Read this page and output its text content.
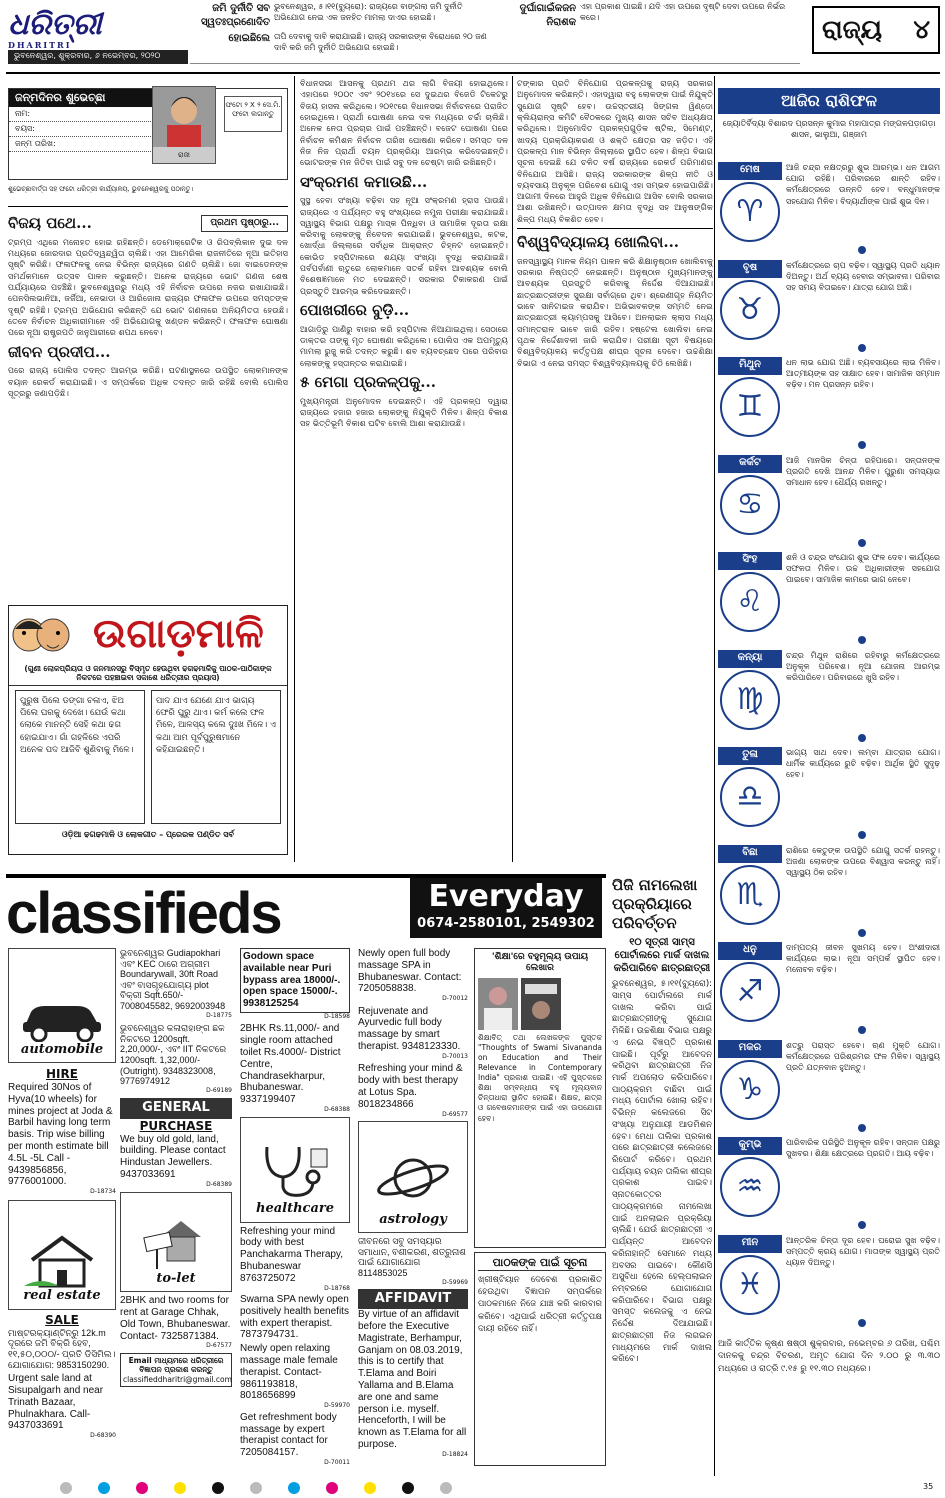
ଧରିତ୍ରୀ
DHARITRI
ଭୁବନେଶ୍ୱର, ଶୁକ୍ରବାର, ୬ ନଭେମ୍ବର, ୨୦୨୦
ଜମି ଦୁର୍ନୀତି ସବ ସ୍ୱତଃପ୍ରଣୋଦିତ
ଭୁବନେଶ୍ୱର, ୫।୧୧(ବ୍ୟୁରୋ): ରାଜ୍ୟରେ ବାଙ୍ଗଲା ଜମି ଦୁର୍ନୀତି ଅଭିଯୋଗ ନେଇ ଏକ ଜନହିତ ମାମଲା ଦାଏର ହୋଇଛି।
ହୋଇଛିଲେ ତାପି ଦେବାକୁ ଦାବି କରାଯାଇଛି। ରାଜ୍ୟ ସରକାରଙ୍କ ବିରୋଧରେ ୨୦ ଜଣ ଦାବି କରି ଜମି ଦୁର୍ନୀତି ଅଭିଯୋଗ ହୋଇଛି।
ଦୁର୍ଘାଗାଇଁକଜନ ନିରାଶକ
ଏହା ପ୍ରକାଶ ପାଇଛି। ଯଦି ଏହା ଉପରେ ଦୃଷ୍ଟି ଦେବା ଉପରେ ନିର୍ଭର କରେ।	ରାଜ୍ୟ ୪
ଜନ୍ମଦିନର ଶୁଭେଚ୍ଛା
ନାମ:
ବୟସ:
ଜନ୍ମ ତାରିଖ:
ରାଜୀ
ଫଟୋ ୨ X ୨ ସେ.ମି. ଫଟୋ ଲଗାନ୍ତୁ
ଶୁଭେଚ୍ଛାବାର୍ତ୍ତା ସହ ଫଟୋ ଧରିତ୍ରୀ କାର୍ଯ୍ୟାଳୟ, ଭୁବନେଶ୍ୱରକୁ ପଠାନ୍ତୁ।
ବିଜୟ ପଥେ...	ପ୍ରଥମ ପୃଷ୍ଠାରୁ...
ଟ୍ରମ୍ପ ଏଥିରେ ମନୋହତ ହୋଇ ରହିଛନ୍ତି। ଡେମୋକ୍ରେଟିକ ଓ ରିପବ୍ଲିକାନ ଦୁଇ ଦଳ ମଧ୍ୟରେ ଜୋରଦାର ପ୍ରତିଦ୍ୱନ୍ଦ୍ୱିତା ଚାଲିଛି। ଏହା ଆମେରିକା ରାଜନୀତିରେ ନୂଆ ଇତିହାସ ସୃଷ୍ଟି କରିଛି। ଫଳାଫଳକୁ ନେଇ ବିଭିନ୍ନ ରାଜ୍ୟରେ ଗଣତି ଚାଲିଛି। ଜୋ ବାଇଡେନଙ୍କ ସମର୍ଥକମାନେ ଉତ୍ସବ ପାଳନ କରୁଛନ୍ତି। ଅନେକ ରାଜ୍ୟରେ ଭୋଟ ଗଣନା ଶେଷ ପର୍ଯ୍ୟାୟରେ ପହଞ୍ଚିଛି। ଭୁବନେଶ୍ୱରରୁ ମଧ୍ୟ ଏହି ନିର୍ବାଚନ ଉପରେ ନଜର ରଖାଯାଇଛି। ପେନସିଲଭାନିଆ, ଜର୍ଜିଆ, ନେଭାଡା ଓ ଆରିଜୋନା ରାଜ୍ୟର ଫଳାଫଳ ଉପରେ ସମସ୍ତଙ୍କ ଦୃଷ୍ଟି ରହିଛି। ଟ୍ରମ୍ପ ଅଭିଯୋଗ କରିଛନ୍ତି ଯେ ଭୋଟ ଗଣନାରେ ଅନିୟମିତତା ହେଉଛି। ତେବେ ନିର୍ବାଚନ ଅଧିକାରୀମାନେ ଏହି ଅଭିଯୋଗକୁ ଖଣ୍ଡନ କରିଛନ୍ତି। ଫଳାଫଳ ଘୋଷଣା ପରେ ନୂଆ ରାଷ୍ଟ୍ରପତି ଜାନୁଆରୀରେ ଶପଥ ନେବେ।
ଜୀବନ ପ୍ରଦୀପ...
ପରେ ରାଜ୍ୟ ପୋଲିସ ତଦନ୍ତ ଆରମ୍ଭ କରିଛି। ଘଟଣାସ୍ଥଳରେ ଉପସ୍ଥିତ ଲୋକମାନଙ୍କ ବୟାନ ରେକର୍ଡ କରାଯାଇଛି। ଏ ସମ୍ପର୍କରେ ଅଧିକ ତଦନ୍ତ ଜାରି ରହିଛି ବୋଲି ପୋଲିସ ସୂତ୍ରରୁ ଜଣାପଡ଼ିଛି।
ଉଗାଡ଼ମାଳି
(ଗୁଣୀ ଲୋକପ୍ରିୟତା ଓ ଜନମାନସରୁ ବିସ୍ମୃତ ହେଉଥିବା ଢଗଢମାଳିକୁ ପାଠକ-ପାଠିକାଙ୍କ ନିକଟରେ ପହଞ୍ଚାଇବା ସକାଶେ ଧରିତ୍ରୀର ପ୍ରୟାସ)
ପୁରୁଷ ପିଲେ ଡଙ୍ଗା ଚଳାଏ, ଝିଅ ପିଲେ ଘରକୁ ଦେଖେ। ଯେଉଁ କଥା ଲୋକେ ମାନନ୍ତି ସେହି କଥା ଢଗ ହୋଇଯାଏ। ଗାଁ ଗହଳିରେ ଏପରି ଅନେକ ପଦ ଆଜିବି ଶୁଣିବାକୁ ମିଳେ।
ପାଦ ଯାଏ ଯେଣେ ଯାଏ ଭାଗ୍ୟ ଫେରି ଘୁରୁ ଥାଏ। କର୍ମ କଲେ ଫଳ ମିଳେ, ଆଳସ୍ୟ କଲେ ଦୁଃଖ ମିଳେ। ଏ କଥା ଆମ ପୂର୍ବପୁରୁଷମାନେ କହିଯାଇଛନ୍ତି।
ଓଡ଼ିଆ ଢଗଢମାଳି ଓ ଲୋକଗୀତ – ପ୍ରେରକ ପଣ୍ଡିତ ସର୍ବ
ବିଧାନସଭା ଆସନକୁ ପ୍ରଥମ ଥର ଲାଗି ବିଜୟୀ ହୋଇଥିଲେ। ଏହାପରେ ୨୦୦୯ ଏବଂ ୨୦୧୪ରେ ସେ ଦୁଇଥର ବିଜେଡି ଟିକେଟରୁ ବିଜୟ ହାସଲ କରିଥିଲେ। ୨୦୧୯ରେ ବିଧାନସଭା ନିର୍ବାଚନରେ ପରାଜିତ ହୋଇଥିଲେ। ପ୍ରାର୍ଥୀ ଘୋଷଣା ନେଇ ଦଳ ମଧ୍ୟରେ ଚର୍ଚ୍ଚା ଚାଲିଛି। ଅନେକ ନେତା ପ୍ରଚାର ପାଇଁ ପହଞ୍ଚିଛନ୍ତି। ବଜେଟ ଘୋଷଣା ପରେ ନିର୍ବାଚନ କମିଶନ ନିର୍ବାଚନ ତାରିଖ ଘୋଷଣା କରିବେ। ସମସ୍ତ ଦଳ ନିଜ ନିଜ ପ୍ରାର୍ଥୀ ଚୟନ ପ୍ରକ୍ରିୟା ଆରମ୍ଭ କରିଦେଇଛନ୍ତି। ଭୋଟରଙ୍କ ମନ ଜିତିବା ପାଇଁ ସବୁ ଦଳ ଚେଷ୍ଟା ଜାରି ରଖିଛନ୍ତି।
ସଂକ୍ରମଣ କମାଉଛି...
ସୁସ୍ଥ ହେବା ସଂଖ୍ୟା ବଢ଼ିବା ସହ ନୂଆ ସଂକ୍ରମଣ ହ୍ରାସ ପାଉଛି। ରାଜ୍ୟରେ ଏ ପର୍ଯ୍ୟନ୍ତ ବହୁ ସଂଖ୍ୟାରେ ନମୁନା ପରୀକ୍ଷା କରାଯାଇଛି। ସ୍ୱାସ୍ଥ୍ୟ ବିଭାଗ ପକ୍ଷରୁ ମାସ୍କ ପିନ୍ଧିବା ଓ ସାମାଜିକ ଦୂରତା ରକ୍ଷା କରିବାକୁ ଲୋକଙ୍କୁ ନିବେଦନ କରାଯାଇଛି। ଭୁବନେଶ୍ୱର, କଟକ, ଖୋର୍ଦ୍ଧା ଜିଲ୍ଲାରେ ସର୍ବାଧିକ ଆକ୍ରାନ୍ତ ଚିହ୍ନଟ ହୋଇଛନ୍ତି। କୋଭିଡ ହସ୍ପିଟାଲରେ ଶଯ୍ୟା ସଂଖ୍ୟା ବୃଦ୍ଧି କରାଯାଇଛି। ପର୍ବପର୍ବାଣୀ ଋତୁରେ ଲୋକମାନେ ସତର୍କ ରହିବା ଆବଶ୍ୟକ ବୋଲି ବିଶେଷଜ୍ଞମାନେ ମତ ଦେଇଛନ୍ତି। ସରକାର ଟିକାକରଣ ପାଇଁ ପ୍ରସ୍ତୁତି ଆରମ୍ଭ କରିଦେଇଛନ୍ତି।
ପୋଖରୀରେ ବୁଡ଼ି...
ଆଗାଡ଼ିରୁ ପାଣିରୁ ବାହାର କରି ହସ୍ପିଟାଲ ନିଆଯାଇଥିଲା। ସେଠାରେ ଡାକ୍ତର ତାଙ୍କୁ ମୃତ ଘୋଷଣା କରିଥିଲେ। ପୋଲିସ ଏକ ଅପମୃତ୍ୟୁ ମାମଲା ରୁଜୁ କରି ତଦନ୍ତ କରୁଛି। ଶବ ବ୍ୟବଚ୍ଛେଦ ପରେ ପରିବାର ଲୋକଙ୍କୁ ହସ୍ତାନ୍ତର କରାଯାଇଛି।
୫ ମେଗା ପ୍ରକଳ୍ପକୁ...
ମୁଖ୍ୟମନ୍ତ୍ରୀ ଅନୁମୋଦନ ଦେଇଛନ୍ତି। ଏହି ପ୍ରକଳ୍ପ ଦ୍ୱାରା ରାଜ୍ୟରେ ହଜାର ହଜାର ଲୋକଙ୍କୁ ନିଯୁକ୍ତି ମିଳିବ। ଶିଳ୍ପ ବିକାଶ ସହ ଭିତ୍ତିଭୂମି ବିକାଶ ଘଟିବ ବୋଲି ଆଶା କରାଯାଉଛି।
ଟଙ୍କାର ପ୍ରତି ବିନିଯୋଗ ପ୍ରକଳ୍ପକୁ ରାଜ୍ୟ ସରକାର ଅନୁମୋଦନ କରିଛନ୍ତି। ଏହାଦ୍ୱାରା ବହୁ ଲୋକଙ୍କ ପାଇଁ ନିଯୁକ୍ତି ସୁଯୋଗ ସୃଷ୍ଟି ହେବ। ଉଚ୍ଚସ୍ତରୀୟ ସିଙ୍ଗଲ ୱିଣ୍ଡୋ କ୍ଲିୟରାନ୍ସ କମିଟି ବୈଠକରେ ମୁଖ୍ୟ ଶାସନ ସଚିବ ଅଧ୍ୟକ୍ଷତା କରିଥିଲେ। ଅନୁମୋଦିତ ପ୍ରକଳ୍ପଗୁଡ଼ିକ ଷ୍ଟିଲ, ସିମେଣ୍ଟ, ଖାଦ୍ୟ ପ୍ରକ୍ରିୟାକରଣ ଓ ଶକ୍ତି କ୍ଷେତ୍ର ସହ ଜଡ଼ିତ। ଏହି ପ୍ରକଳ୍ପ ମାନ ବିଭିନ୍ନ ଜିଲ୍ଲାରେ ସ୍ଥାପିତ ହେବ। ଶିଳ୍ପ ବିଭାଗ ସୂଚନା ଦେଇଛି ଯେ ଚଳିତ ବର୍ଷ ରାଜ୍ୟରେ ରେକର୍ଡ ପରିମାଣର ବିନିଯୋଗ ଆସିଛି। ରାଜ୍ୟ ସରକାରଙ୍କ ଶିଳ୍ପ ନୀତି ଓ ବ୍ୟବସାୟ ଅନୁକୂଳ ପରିବେଶ ଯୋଗୁ ଏହା ସମ୍ଭବ ହୋଇପାରିଛି। ଆଗାମୀ ଦିନରେ ଆହୁରି ଅଧିକ ବିନିଯୋଗ ଆସିବ ବୋଲି ସରକାର ଆଶା ରଖିଛନ୍ତି। ଉତ୍ପାଦନ କ୍ଷମତା ବୃଦ୍ଧି ସହ ଆନୁଷଙ୍ଗିକ ଶିଳ୍ପ ମଧ୍ୟ ବିକଶିତ ହେବ।
ବିଶ୍ୱବିଦ୍ୟାଳୟ ଖୋଲିବା...
ଜନସ୍ୱାସ୍ଥ୍ୟ ମାନକ ନିୟମ ପାଳନ କରି ଶିକ୍ଷାନୁଷ୍ଠାନ ଖୋଲିବାକୁ ସରକାର ନିଷ୍ପତ୍ତି ନେଇଛନ୍ତି। ଅନୁଷ୍ଠାନ ମୁଖ୍ୟମାନଙ୍କୁ ଆବଶ୍ୟକ ପ୍ରସ୍ତୁତି କରିବାକୁ ନିର୍ଦ୍ଦେଶ ଦିଆଯାଇଛି। ଛାତ୍ରଛାତ୍ରୀଙ୍କ ସୁରକ୍ଷା ସର୍ବାଗ୍ରେ ଥିବ। ଶ୍ରେଣୀଗୃହ ନିୟମିତ ଭାବେ ସାନିଟାଇଜ କରାଯିବ। ଅଭିଭାବକଙ୍କ ସମ୍ମତି ନେଇ ଛାତ୍ରଛାତ୍ରୀ କ୍ୟାମ୍ପସକୁ ଆସିବେ। ଅନଲାଇନ କ୍ଲାସ ମଧ୍ୟ ସମାନ୍ତରାଳ ଭାବେ ଜାରି ରହିବ। ହଷ୍ଟେଲ ଖୋଲିବା ନେଇ ପୃଥକ ନିର୍ଦ୍ଦେଶାବଳୀ ଜାରି କରାଯିବ। ପରୀକ୍ଷା ସୂଚୀ ବିଷୟରେ ବିଶ୍ୱବିଦ୍ୟାଳୟ କର୍ତ୍ତୃପକ୍ଷ ଶୀଘ୍ର ସୂଚନା ଦେବେ। ଉଚ୍ଚଶିକ୍ଷା ବିଭାଗ ଏ ନେଇ ସମସ୍ତ ବିଶ୍ୱବିଦ୍ୟାଳୟକୁ ଚିଠି ଲେଖିଛି।
ଆଜିର ରାଶିଫଳ
ଜ୍ୟୋତିର୍ବିଦ୍ୟା ବିଶାରଦ ପ୍ରସନ୍ନ କୁମାର ମହାପାତ୍ର ମଙ୍ଗଳପଡ଼ାଗଡ଼ା ଶାସନ, ଭାଲୁଆ, ଗଞ୍ଜାମ
ମେଷ
♈
ଆଜି ଚନ୍ଦ୍ର ନକ୍ଷତ୍ରରୁ ଶୁଭ ଆରମ୍ଭ। ଧନ ଆଗମ ଯୋଗ ରହିଛି। ପରିବାରରେ ଶାନ୍ତି ରହିବ। କର୍ମକ୍ଷେତ୍ରରେ ଉନ୍ନତି ହେବ। ବନ୍ଧୁମାନଙ୍କ ସହଯୋଗ ମିଳିବ। ବିଦ୍ୟାର୍ଥୀଙ୍କ ପାଇଁ ଶୁଭ ଦିନ।
ବୃଷ
♉
କର୍ମକ୍ଷେତ୍ରରେ ଚାପ ବଢ଼ିବ। ସ୍ୱାସ୍ଥ୍ୟ ପ୍ରତି ଧ୍ୟାନ ଦିଅନ୍ତୁ। ଅର୍ଥ ବ୍ୟୟ ହେବାର ସମ୍ଭାବନା। ପରିବାର ସହ ସମୟ ବିତାଇବେ। ଯାତ୍ରା ଯୋଗ ଅଛି।
ମିଥୁନ
♊
ଧନ ଲାଭ ଯୋଗ ଅଛି। ବ୍ୟବସାୟରେ ଲାଭ ମିଳିବ। ଆତ୍ମୀୟଙ୍କ ସହ ସାକ୍ଷାତ ହେବ। ସାମାଜିକ ସମ୍ମାନ ବଢ଼ିବ। ମନ ପ୍ରସନ୍ନ ରହିବ।
କର୍କଟ
♋
ଆଜି ମାନସିକ ଚିନ୍ତା ରହିପାରେ। ସନ୍ତାନଙ୍କ ପ୍ରଗତି ଦେଖି ଆନନ୍ଦ ମିଳିବ। ପୁରୁଣା ସମସ୍ୟାର ସମାଧାନ ହେବ। ଧୈର୍ଯ୍ୟ ରଖନ୍ତୁ।
ସିଂହ
♌
ଶନି ଓ ଚନ୍ଦ୍ର ସଂଯୋଗ ଶୁଭ ଫଳ ଦେବ। କାର୍ଯ୍ୟରେ ସଫଳତା ମିଳିବ। ଉଚ୍ଚ ଅଧିକାରୀଙ୍କ ସହଯୋଗ ପାଇବେ। ସାମାଜିକ କାମରେ ଭାଗ ନେବେ।
କନ୍ୟା
♍
ଚନ୍ଦ୍ର ମିଥୁନ ରାଶିରେ ରହିବାରୁ କର୍ମକ୍ଷେତ୍ରରେ ଅନୁକୂଳ ପରିବେଶ। ନୂଆ ଯୋଜନା ଆରମ୍ଭ କରିପାରିବେ। ପରିବାରରେ ଖୁସି ରହିବ।
ତୁଳା
♎
ଭାଗ୍ୟ ସାଥ ଦେବ। ଲମ୍ବା ଯାତ୍ରାର ଯୋଗ। ଧାର୍ମିକ କାର୍ଯ୍ୟରେ ରୁଚି ବଢ଼ିବ। ଆର୍ଥିକ ସ୍ଥିତି ସୁଦୃଢ଼ ହେବ।
ବିଛା
♏
ରାଶିରେ କେତୁଙ୍କ ଉପସ୍ଥିତି ଯୋଗୁ ସତର୍କ ରହନ୍ତୁ। ଅଜଣା ଲୋକଙ୍କ ଉପରେ ବିଶ୍ୱାସ କରନ୍ତୁ ନାହିଁ। ସ୍ୱାସ୍ଥ୍ୟ ଠିକ ରହିବ।
ଧନୁ
♐
ଦାମ୍ପତ୍ୟ ଜୀବନ ସୁଖମୟ ହେବ। ଅଂଶୀଦାରୀ କାର୍ଯ୍ୟରେ ଲାଭ। ନୂଆ ସମ୍ପର୍କ ସ୍ଥାପିତ ହେବ। ମନୋବଳ ବଢ଼ିବ।
ମକର
♑
ଶତ୍ରୁ ପରାସ୍ତ ହେବେ। ଋଣ ମୁକ୍ତି ଯୋଗ। କର୍ମକ୍ଷେତ୍ରରେ ପରିଶ୍ରମର ଫଳ ମିଳିବ। ସ୍ୱାସ୍ଥ୍ୟ ପ୍ରତି ଯତ୍ନବାନ ହୁଅନ୍ତୁ।
କୁମ୍ଭ
♒
ପାରିବାରିକ ପରିସ୍ଥିତି ଅନୁକୂଳ ରହିବ। ସନ୍ତାନ ପକ୍ଷରୁ ସୁଖବର। ଶିକ୍ଷା କ୍ଷେତ୍ରରେ ପ୍ରଗତି। ଆୟ ବଢ଼ିବ।
ମୀନ
♓
ଆନ୍ତରିକ ଚିନ୍ତା ଦୂର ହେବ। ଘରୋଇ ସୁଖ ବଢ଼ିବ। ସମ୍ପତ୍ତି କ୍ରୟ ଯୋଗ। ମାତାଙ୍କ ସ୍ୱାସ୍ଥ୍ୟ ପ୍ରତି ଧ୍ୟାନ ଦିଅନ୍ତୁ।
ଆଜି କାର୍ତ୍ତିକ କୃଷ୍ଣ ଷଷ୍ଠୀ ଶୁକ୍ରବାର, ନଭେମ୍ବର ୬ ତାରିଖ, ପଶ୍ଚିମ ଦାନକକୁ ଚନ୍ଦ୍ର ବିଚରଣ, ଅମୃତ ଯୋଗ ଦିନ ୨.୦୦ ରୁ ୩.୩୦ ମଧ୍ୟରେ ଓ ରାତ୍ରି ୯.୧୫ ରୁ ୧୧.୩୦ ମଧ୍ୟରେ।
ପିଜି ନାମଲେଖା ପ୍ରକ୍ରିୟାରେ ପରିବର୍ତ୍ତନ
୧୦ ସୂତ୍ରୀ ସାମ୍ସ ପୋର୍ଟାଲରେ ମାର୍କ ଦାଖଲ କରିପାରିବେ ଛାତ୍ରଛାତ୍ରୀ
ଭୁବନେଶ୍ୱର, ୫।୧୧(ବ୍ୟୁରୋ): ସାମ୍ସ ପୋର୍ଟାଲରେ ମାର୍କ ଦାଖଲ କରିବା ପାଇଁ ଛାତ୍ରଛାତ୍ରୀଙ୍କୁ ସୁଯୋଗ ମିଳିଛି। ଉଚ୍ଚଶିକ୍ଷା ବିଭାଗ ପକ୍ଷରୁ ଏ ନେଇ ବିଜ୍ଞପ୍ତି ପ୍ରକାଶ ପାଇଛି। ପୂର୍ବରୁ ଆବେଦନ କରିଥିବା ଛାତ୍ରଛାତ୍ରୀ ନିଜ ମାର୍କ ଅପଲୋଡ କରିପାରିବେ। ପାଠ୍ୟକ୍ରମ ବାଛିବା ପାଇଁ ମଧ୍ୟ ପୋର୍ଟାଲ ଖୋଲା ରହିବ। ବିଭିନ୍ନ କଲେଜରେ ସିଟ ସଂଖ୍ୟା ଅନୁଯାୟୀ ଆଡମିଶନ ହେବ। ମେଧା ତାଲିକା ପ୍ରକାଶ ପରେ ଛାତ୍ରଛାତ୍ରୀ କଲେଜରେ ରିପୋର୍ଟ କରିବେ। ପ୍ରଥମ ପର୍ଯ୍ୟାୟ ଚୟନ ତାଲିକା ଶୀଘ୍ର ପ୍ରକାଶ ପାଇବ। ସ୍ନାତକୋତ୍ତର ପାଠ୍ୟକ୍ରମରେ ନାମଲେଖା ପାଇଁ ଅନଲାଇନ ପ୍ରକ୍ରିୟା ଚାଲିଛି। ଯେଉଁ ଛାତ୍ରଛାତ୍ରୀ ଏ ପର୍ଯ୍ୟନ୍ତ ଆବେଦନ କରିନାହାନ୍ତି ସେମାନେ ମଧ୍ୟ ଅବସର ପାଇବେ। କୌଣସି ଅସୁବିଧା ହେଲେ ହେଲ୍ପଲାଇନ ନମ୍ବରରେ ଯୋଗାଯୋଗ କରିପାରିବେ। ବିଭାଗ ପକ୍ଷରୁ ସମସ୍ତ କଲେଜକୁ ଏ ନେଇ ନିର୍ଦ୍ଦେଶ ଦିଆଯାଇଛି। ଛାତ୍ରଛାତ୍ରୀ ନିଜ ଲଗଇନ ମାଧ୍ୟମରେ ମାର୍କ ଦାଖଲ କରିବେ।
classifieds	Everyday
0674-2580101, 2549302
automobile
HIRE
Required 30Nos of Hyva(10 wheels) for mines project at Joda & Barbil having long term basis. Trip wise billing per month estimate bill 4.5L -5L Call - 9439856856, 9776001000.
D-18734
real estate
SALE
ମାଷ୍ଟରକ୍ୟାଣ୍ଟିନ୍‌ରୁ 12k.m ଦୂରରେ ଜମି ବିକ୍ରି ହେବ, ୧୧,୫୦,୦୦୦/- ପ୍ରତି ଡିସିମିଲ। ଯୋଗାଯୋଗ: 9853150290.
Urgent sale land at Sisupalgarh and near Trinath Bazaar, Phulnakhara. Call- 9437033691
D-68390
ଭୁବନେଶ୍ୱର Gudiapokhari ଏବଂ KEC ଠାରେ ଅଗ୍ରୀମ Boundarywall, 30ft Road ଏବଂ ବାସଗୃହଯୋଗ୍ୟ plot ବିକ୍ରୀ Sqft.650/- 7008045582, 9692003948
D-18775
ଭୁବନେଶ୍ୱର କଳାରାହାଙ୍ଗ ଛକ ନିକଟରେ 1200sqft. 2,20,000/-, ଏବଂ IIT ନିକଟରେ 1200sqft. 1,32,000/- (Outright). 9348323008, 9776974912
D-69189
GENERAL
PURCHASE
We buy old gold, land, building. Please contact Hindustan Jewellers. 9437033691
D-68389
to-let
2BHK and two rooms for rent at Garage Chhak, Old Town, Bhubaneswar. Contact- 7325871384.
D-67577
Email ମାଧ୍ୟମରେ ଧରିତ୍ରୀରେ ବିଜ୍ଞାପନ ପ୍ରକାଶ କରନ୍ତୁ
classifieddharitri@gmail.com
Godown space available near Puri bypass area 18000/-. open space 15000/-. 9938125254
D-18598
2BHK Rs.11,000/- and single room attached toilet Rs.4000/- District Centre, Chandrasekharpur, Bhubaneswar. 9337199407
D-68388
healthcare
Refreshing your mind body with best Panchakarma Therapy, Bhubaneswar 8763725072
D-18768
Swarna SPA newly open positively health benefits with expert therapist. 7873794731.
Newly open relaxing massage male female therapist. Contact- 9861193818, 8018656899
D-59970
Get refreshment body massage by expert therapist contact for 7205084157.
D-70011
Newly open full body massage SPA in Bhubaneswar. Contact: 7205058838.
D-70012
Rejuvenate and Ayurvedic full body massage by smart therapist. 9348123330.
D-70013
Refreshing your mind & body with best therapy at Lotus Spa. 8018234866
D-69577
astrology
ଜୀବନରେ ସବୁ ସମସ୍ୟାର ସମାଧାନ, ବଶୀକରଣ, ଶତ୍ରୁନାଶ ପାଇଁ ଯୋଗାଯୋଗ 8114853025
D-59969
AFFIDAVIT
By virtue of an affidavit before the Executive Magistrate, Berhampur, Ganjam on 08.03.2019, this is to certify that T.Elama and Boiri Yallama and B.Elama are one and same person i.e. myself. Henceforth, I will be known as T.Elama for all purpose.
D-18824
'ଶିକ୍ଷା'ରେ ବହୁମୂଲ୍ୟ ଉପାୟ ଲେଖାର
ଶିକ୍ଷାବିତ୍ ତଥା ଲେଖକଙ୍କ ପୁସ୍ତକ "Thoughts of Swami Sivananda on Education and Their Relevance in Contemporary India" ପ୍ରକାଶ ପାଇଛି। ଏହି ପୁସ୍ତକରେ ଶିକ୍ଷା ସମ୍ବନ୍ଧୀୟ ବହୁ ମୂଲ୍ୟବାନ ଚିନ୍ତାଧାରା ସ୍ଥାନିତ ହୋଇଛି। ଶିକ୍ଷକ, ଛାତ୍ର ଓ ଗବେଷକମାନଙ୍କ ପାଇଁ ଏହା ଉପଯୋଗୀ ହେବ।
ପାଠକଙ୍କ ପାଇଁ ସୂଚନା
ଖ୍ରୀଷ୍ଟିୟାନ ଦେବେଶ ପ୍ରକାଶିତ ହେଉଥିବା ବିଜ୍ଞାପନ ସମ୍ପର୍କରେ ପାଠକମାନେ ନିଜେ ଯାଞ୍ଚ କରି କାରବାର କରିବେ। ଏଥିପାଇଁ ଧରିତ୍ରୀ କର୍ତ୍ତୃପକ୍ଷ ଦାୟୀ ରହିବେ ନାହିଁ।
35
